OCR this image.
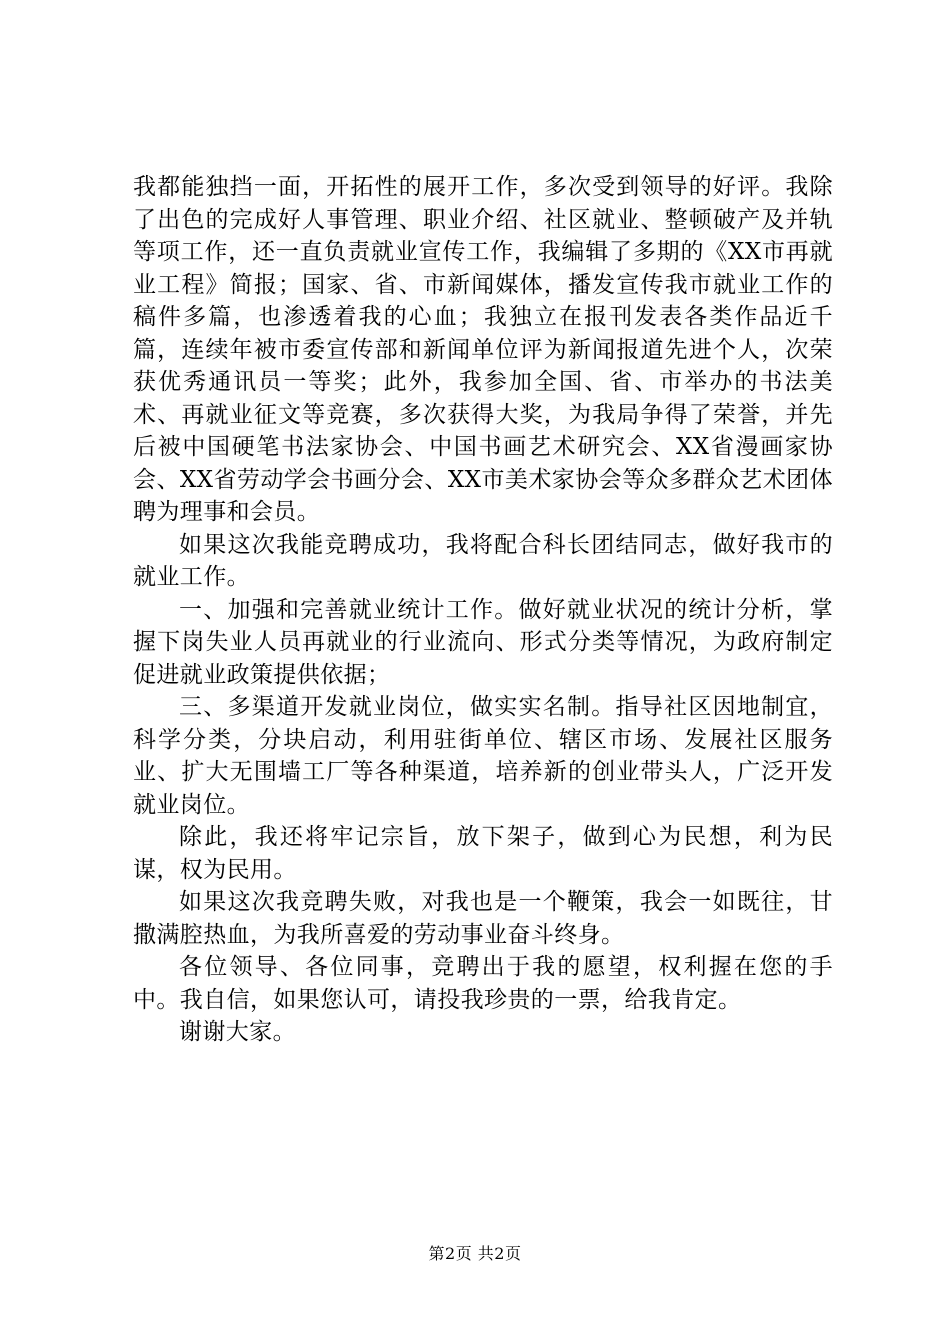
我都能独挡一面，开拓性的展开工作，多次受到领导的好评。我除了出色的完成好人事管理、职业介绍、社区就业、整顿破产及并轨等项工作，还一直负责就业宣传工作，我编辑了多期的《XX市再就业工程》简报；国家、省、市新闻媒体，播发宣传我市就业工作的稿件多篇，也渗透着我的心血；我独立在报刊发表各类作品近千篇，连续年被市委宣传部和新闻单位评为新闻报道先进个人，次荣获优秀通讯员一等奖；此外，我参加全国、省、市举办的书法美术、再就业征文等竞赛，多次获得大奖，为我局争得了荣誉，并先后被中国硬笔书法家协会、中国书画艺术研究会、XX省漫画家协会、XX省劳动学会书画分会、XX市美术家协会等众多群众艺术团体聘为理事和会员。

如果这次我能竞聘成功，我将配合科长团结同志，做好我市的就业工作。

一、加强和完善就业统计工作。做好就业状况的统计分析，掌握下岗失业人员再就业的行业流向、形式分类等情况，为政府制定促进就业政策提供依据；

三、多渠道开发就业岗位，做实实名制。指导社区因地制宜，科学分类，分块启动，利用驻街单位、辖区市场、发展社区服务业、扩大无围墙工厂等各种渠道，培养新的创业带头人，广泛开发就业岗位。

除此，我还将牢记宗旨，放下架子，做到心为民想，利为民谋，权为民用。

如果这次我竞聘失败，对我也是一个鞭策，我会一如既往，甘撒满腔热血，为我所喜爱的劳动事业奋斗终身。

各位领导、各位同事，竞聘出于我的愿望，权利握在您的手中。我自信，如果您认可，请投我珍贵的一票，给我肯定。

谢谢大家。

第2页 共2页
